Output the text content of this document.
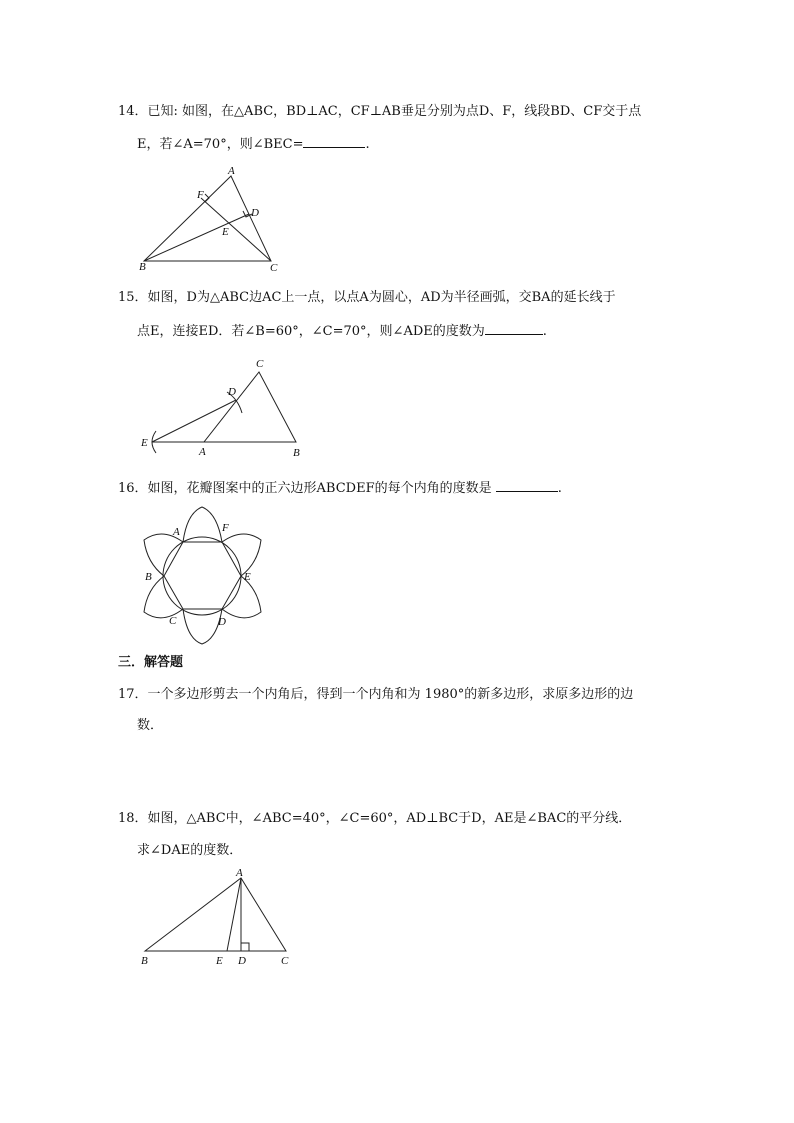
14．已知: 如图，在△ABC，BD⊥AC，CF⊥AB垂足分别为点D、F，线段BD、CF交于点
E，若∠A=70°，则∠BEC=	.
A
B	C
D
E
F
15．如图，D为△ABC边AC上一点，以点A为圆心，AD为半径画弧，交BA的延长线于
点E，连接ED．若∠B=60°，∠C=70°，则∠ADE的度数为	.
C
D
E
A	B
16．如图，花瓣图案中的正六边形ABCDEF的每个内角的度数是	.
A	F
B	E
C	D
三．解答题
17．一个多边形剪去一个内角后，得到一个内角和为 1980°的新多边形，求原多边形的边
数．
18．如图，△ABC中，∠ABC=40°，∠C=60°，AD⊥BC于D，AE是∠BAC的平分线．
求∠DAE的度数．
A
B	E D	C
